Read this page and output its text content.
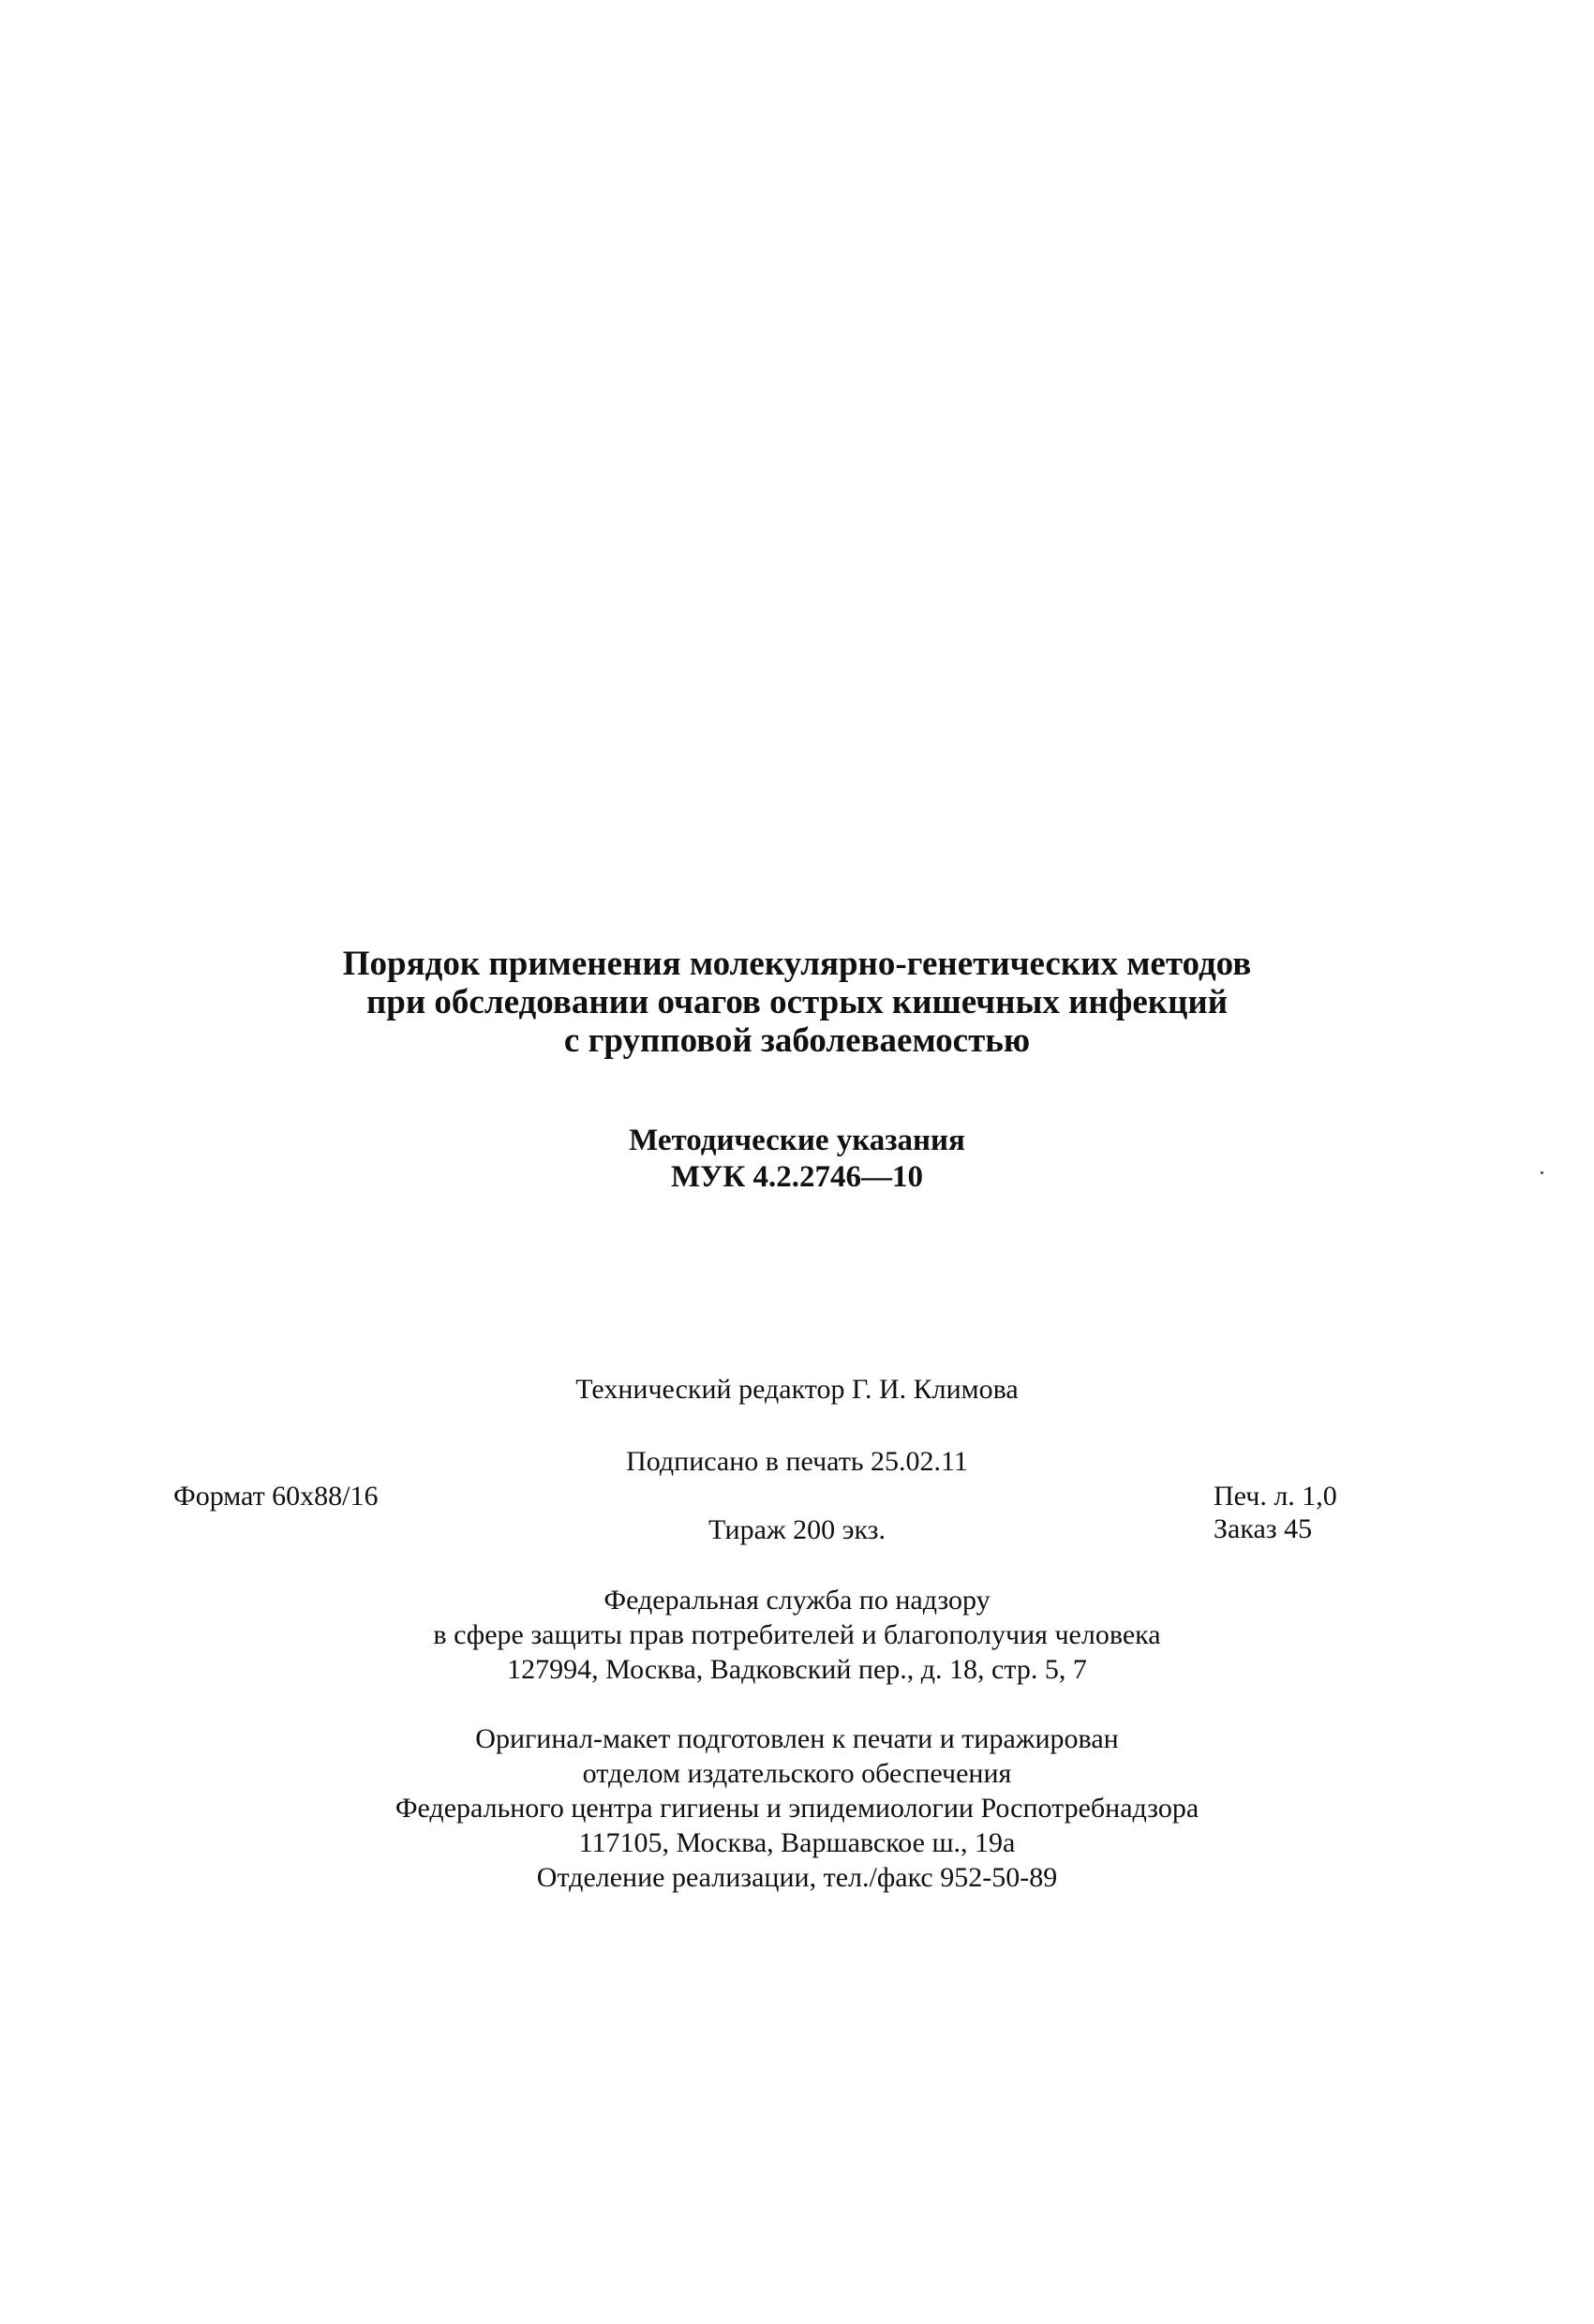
Порядок применения молекулярно-генетических методов
при обследовании очагов острых кишечных инфекций
с групповой заболеваемостью
Методические указания
МУК 4.2.2746—10
Технический редактор Г. И. Климова
Подписано в печать 25.02.11
Формат 60x88/16	Печ. л. 1,0
Тираж 200 экз.	Заказ 45
Федеральная служба по надзору
в сфере защиты прав потребителей и благополучия человека
127994, Москва, Вадковский пер., д. 18, стр. 5, 7
Оригинал-макет подготовлен к печати и тиражирован
отделом издательского обеспечения
Федерального центра гигиены и эпидемиологии Роспотребнадзора
117105, Москва, Варшавское ш., 19а
Отделение реализации, тел./факс 952-50-89
